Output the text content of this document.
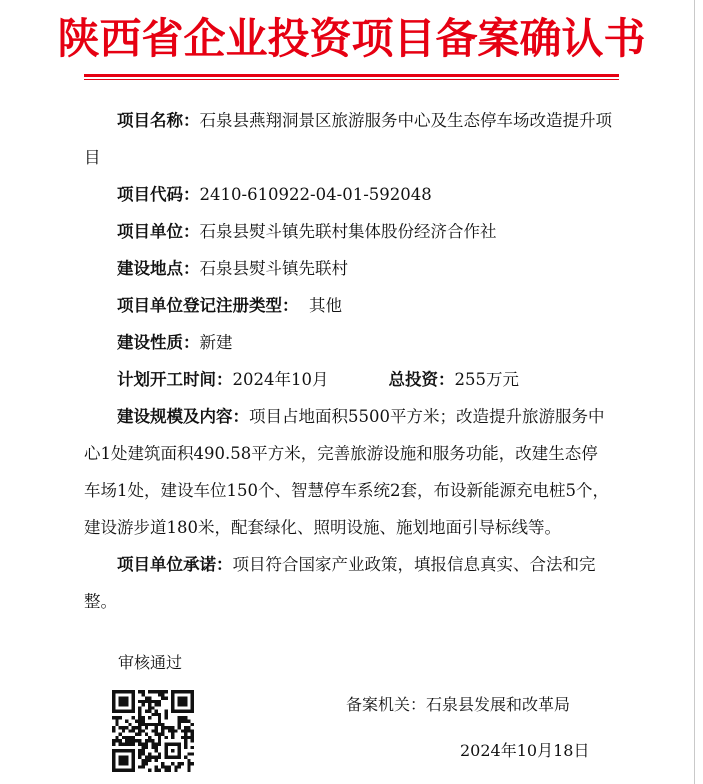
陕西省企业投资项目备案确认书

项目名称：石泉县燕翔洞景区旅游服务中心及生态停车场改造提升项目

项目代码：2410-610922-04-01-592048

项目单位：石泉县熨斗镇先联村集体股份经济合作社

建设地点：石泉县熨斗镇先联村

项目单位登记注册类型： 其他

建设性质：新建

计划开工时间：2024年10月	总投资：255万元

建设规模及内容：项目占地面积5500平方米；改造提升旅游服务中心1处建筑面积490.58平方米，完善旅游设施和服务功能，改建生态停车场1处，建设车位150个、智慧停车系统2套，布设新能源充电桩5个，建设游步道180米，配套绿化、照明设施、施划地面引导标线等。

项目单位承诺：项目符合国家产业政策，填报信息真实、合法和完整。

审核通过
备案机关：石泉县发展和改革局
2024年10月18日
